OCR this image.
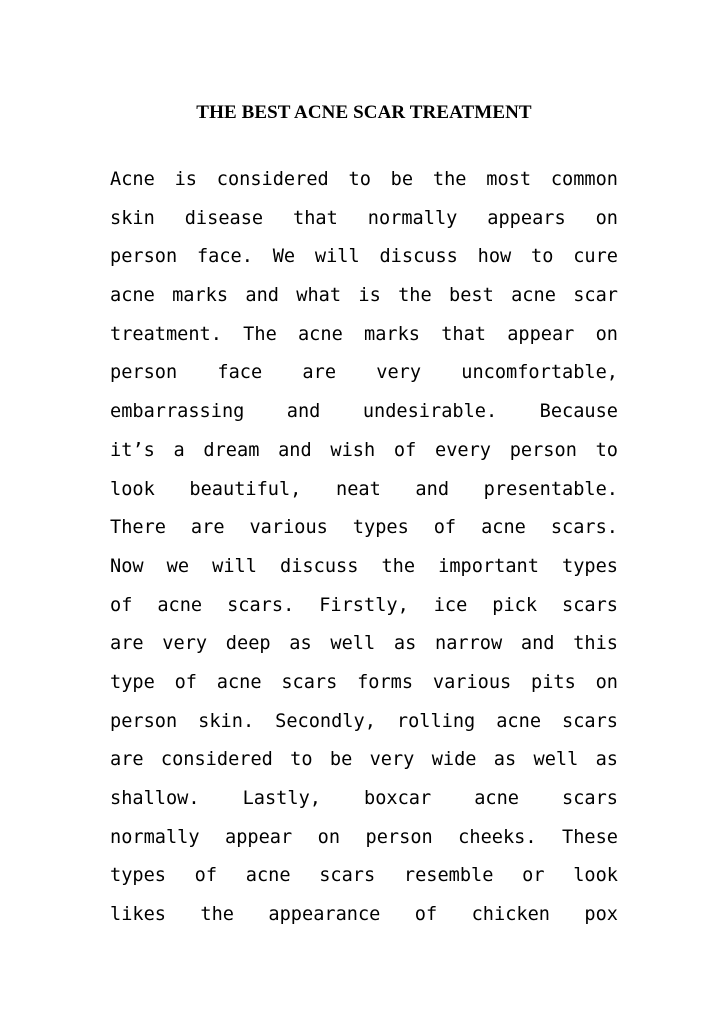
THE BEST ACNE SCAR TREATMENT
Acne is considered to be the most common
skin disease that normally appears on
person face. We will discuss how to cure
acne marks and what is the best acne scar
treatment. The acne marks that appear on
person face are very uncomfortable,
embarrassing and undesirable. Because
it’s a dream and wish of every person to
look beautiful, neat and presentable.
There are various types of acne scars.
Now we will discuss the important types
of acne scars. Firstly, ice pick scars
are very deep as well as narrow and this
type of acne scars forms various pits on
person skin. Secondly, rolling acne scars
are considered to be very wide as well as
shallow. Lastly, boxcar acne scars
normally appear on person cheeks. These
types of acne scars resemble or look
likes the appearance of chicken pox
